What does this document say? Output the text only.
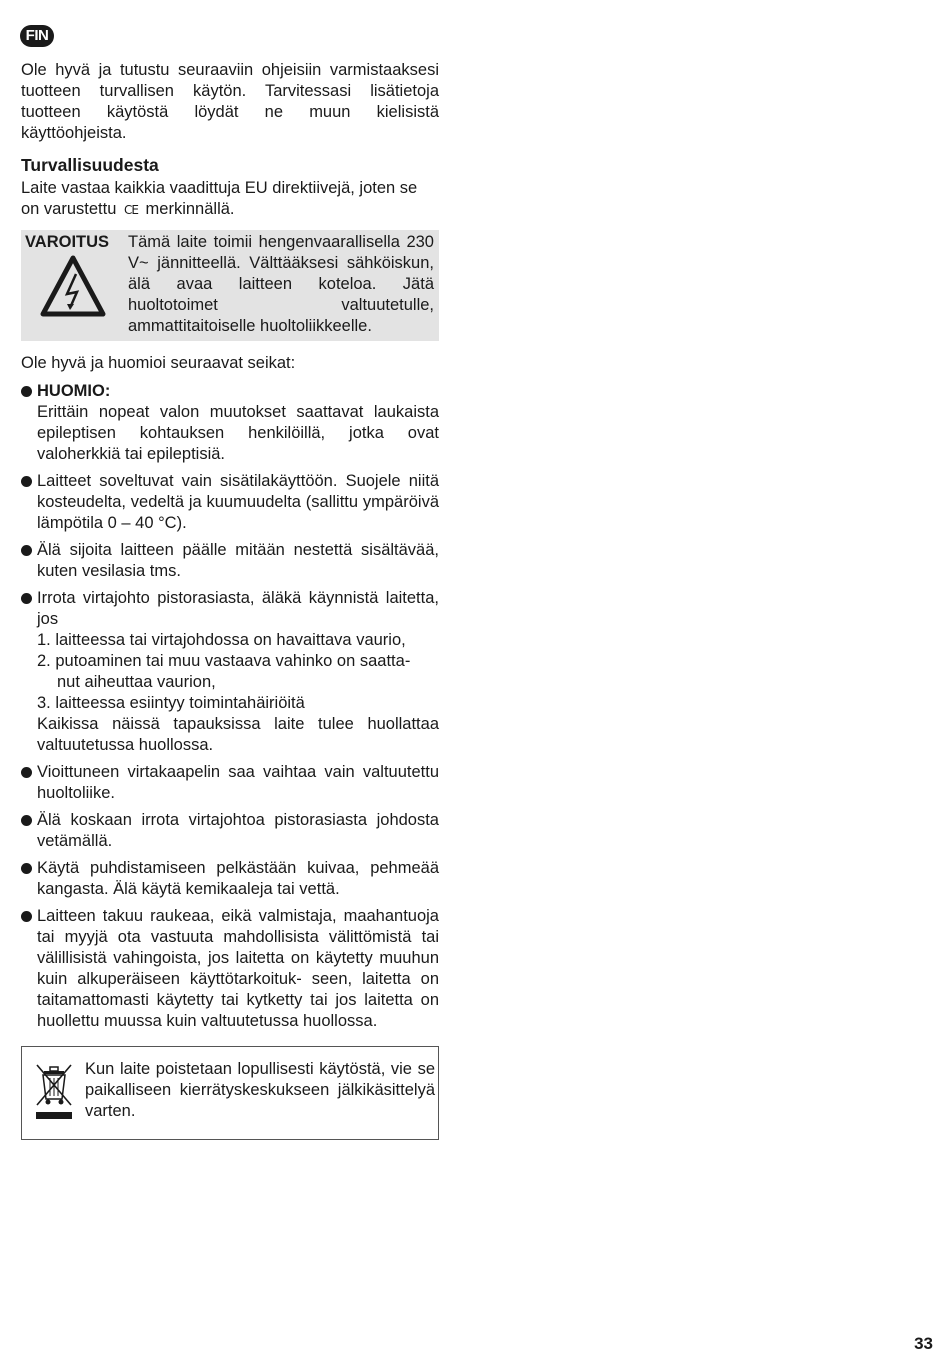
FIN

Ole hyvä ja tutustu seuraaviin ohjeisiin varmistaaksesi tuotteen turvallisen käytön. Tarvitessasi lisätietoja tuotteen käytöstä löydät ne muun kielisistä käyttöohjeista.

Turvallisuudesta

Laite vastaa kaikkia vaadittuja EU direktiivejä, joten se on varustettu CE merkinnällä.

VAROITUS Tämä laite toimii hengenvaarallisella 230 V~ jännitteellä. Välttääksesi sähköiskun, älä avaa laitteen koteloa. Jätä huoltotoimet valtuutetulle, ammattitaitoiselle huoltoliikkeelle.

Ole hyvä ja huomioi seuraavat seikat:

HUOMIO:

Erittäin nopeat valon muutokset saattavat laukaista epileptisen kohtauksen henkilöillä, jotka ovat valoherkkiä tai epileptisiä.

Laitteet soveltuvat vain sisätilakäyttöön. Suojele niitä kosteudelta, vedeltä ja kuumuudelta (sallittu ympäröivä lämpötila 0 – 40 °C).

Älä sijoita laitteen päälle mitään nestettä sisältävää, kuten vesilasia tms.

Irrota virtajohto pistorasiasta, äläkä käynnistä laitetta, jos

1. laitteessa tai virtajohdossa on havaittava vaurio,
2. putoaminen tai muu vastaava vahinko on saatta-
nut aiheuttaa vaurion,
3. laitteessa esiintyy toimintahäiriöitä

Kaikissa näissä tapauksissa laite tulee huollattaa valtuutetussa huollossa.

Vioittuneen virtakaapelin saa vaihtaa vain valtuutettu huoltoliike.

Älä koskaan irrota virtajohtoa pistorasiasta johdosta vetämällä.

Käytä puhdistamiseen pelkästään kuivaa, pehmeää kangasta. Älä käytä kemikaaleja tai vettä.

Laitteen takuu raukeaa, eikä valmistaja, maahantuoja tai myyjä ota vastuuta mahdollisista välittömistä tai välillisistä vahingoista, jos laitetta on käytetty muuhun kuin alkuperäiseen käyttötarkoituk- seen, laitetta on taitamattomasti käytetty tai kytketty tai jos laitetta on huollettu muussa kuin valtuutetussa huollossa.

Kun laite poistetaan lopullisesti käytöstä, vie se paikalliseen kierrätyskeskukseen jälkikäsittelyä varten.

33
